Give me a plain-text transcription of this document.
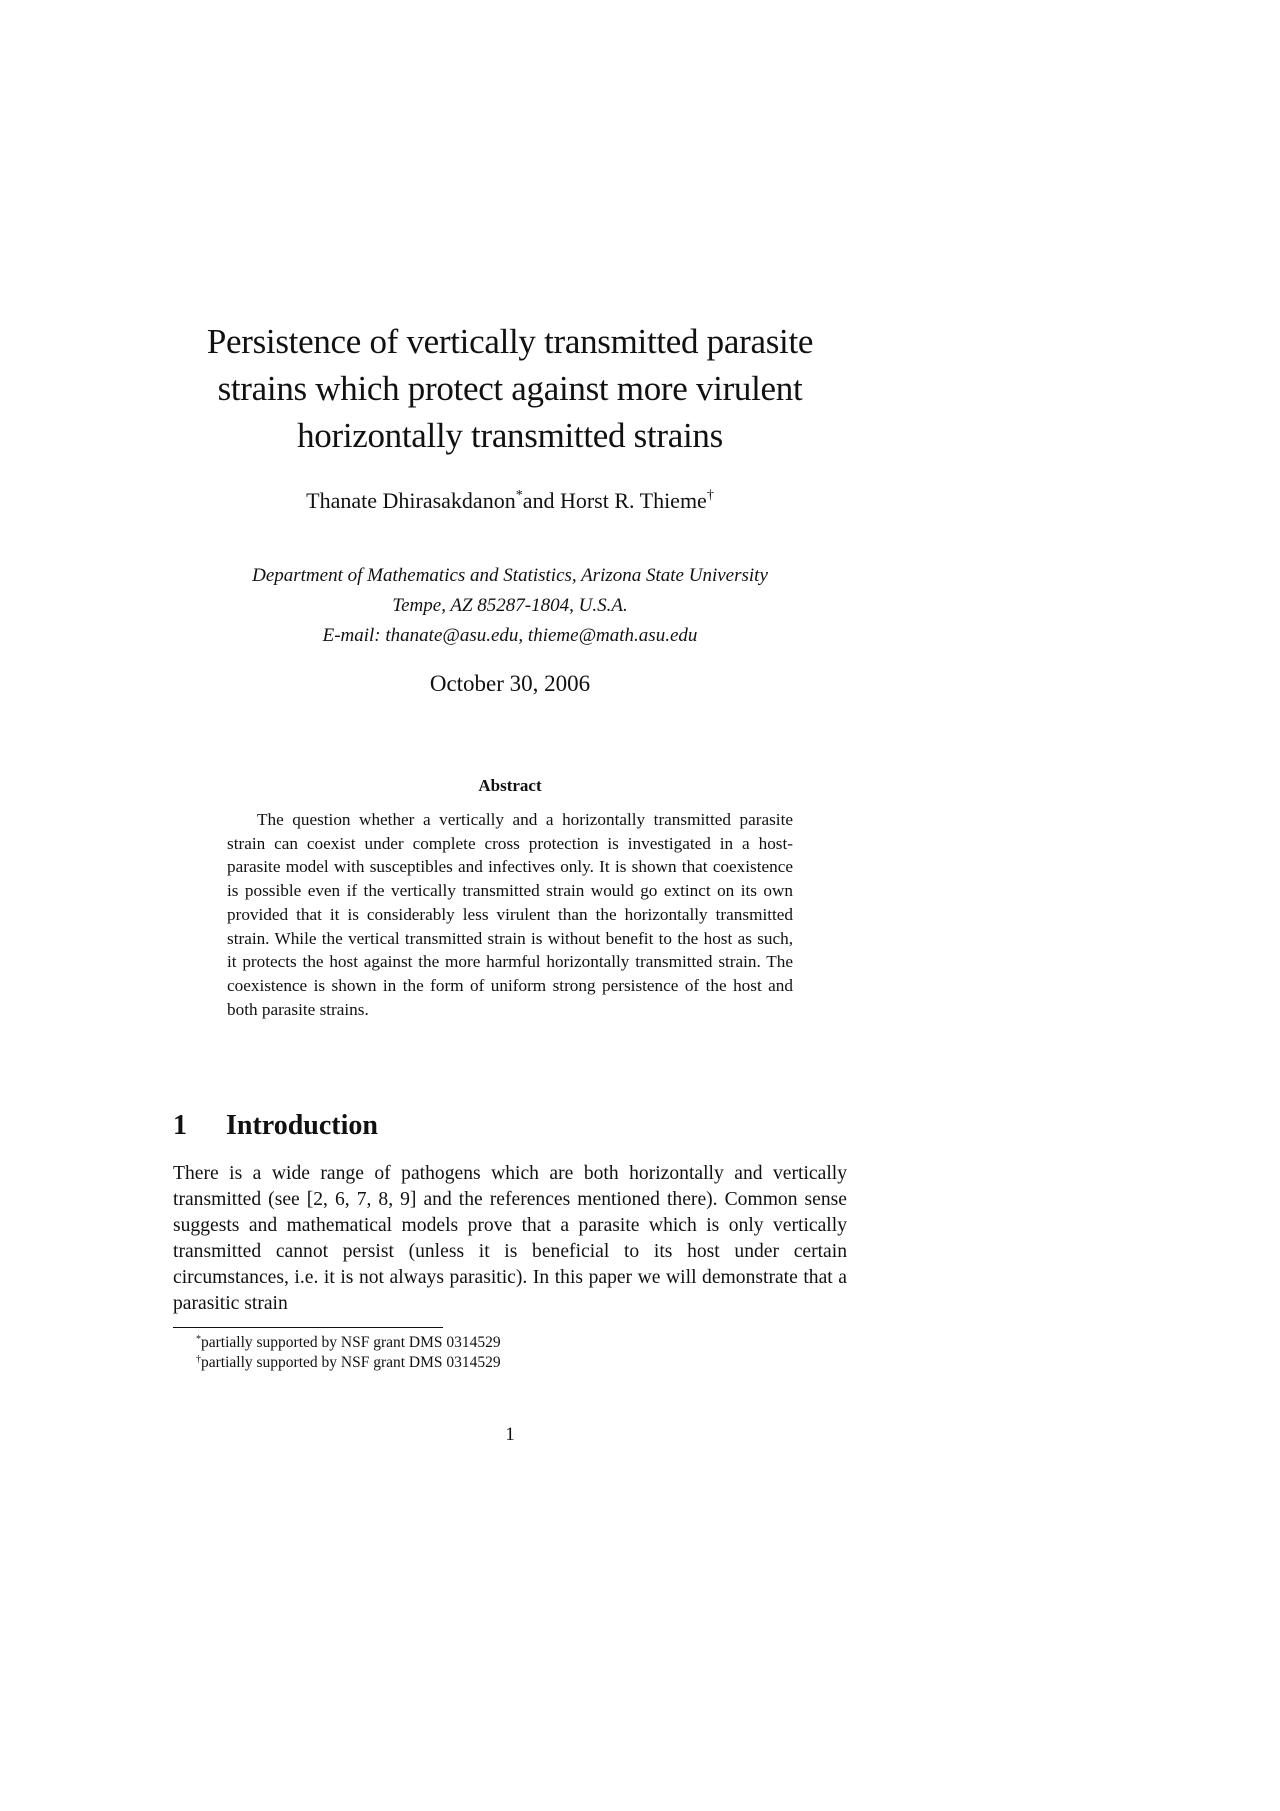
Persistence of vertically transmitted parasite
strains which protect against more virulent
horizontally transmitted strains
Thanate Dhirasakdanon*and Horst R. Thieme†
Department of Mathematics and Statistics, Arizona State University
Tempe, AZ 85287-1804, U.S.A.
E-mail: thanate@asu.edu, thieme@math.asu.edu
October 30, 2006
Abstract

The question whether a vertically and a horizontally transmitted parasite strain can coexist under complete cross protection is investigated in a host-parasite model with susceptibles and infectives only. It is shown that coexistence is possible even if the vertically transmitted strain would go extinct on its own provided that it is considerably less virulent than the horizontally transmitted strain. While the vertical transmitted strain is without benefit to the host as such, it protects the host against the more harmful horizontally transmitted strain. The coexistence is shown in the form of uniform strong persistence of the host and both parasite strains.

1 Introduction

There is a wide range of pathogens which are both horizontally and vertically transmitted (see [2, 6, 7, 8, 9] and the references mentioned there). Common sense suggests and mathematical models prove that a parasite which is only vertically transmitted cannot persist (unless it is beneficial to its host under certain circumstances, i.e. it is not always parasitic). In this paper we will demonstrate that a parasitic strain

*partially supported by NSF grant DMS 0314529
†partially supported by NSF grant DMS 0314529
1
